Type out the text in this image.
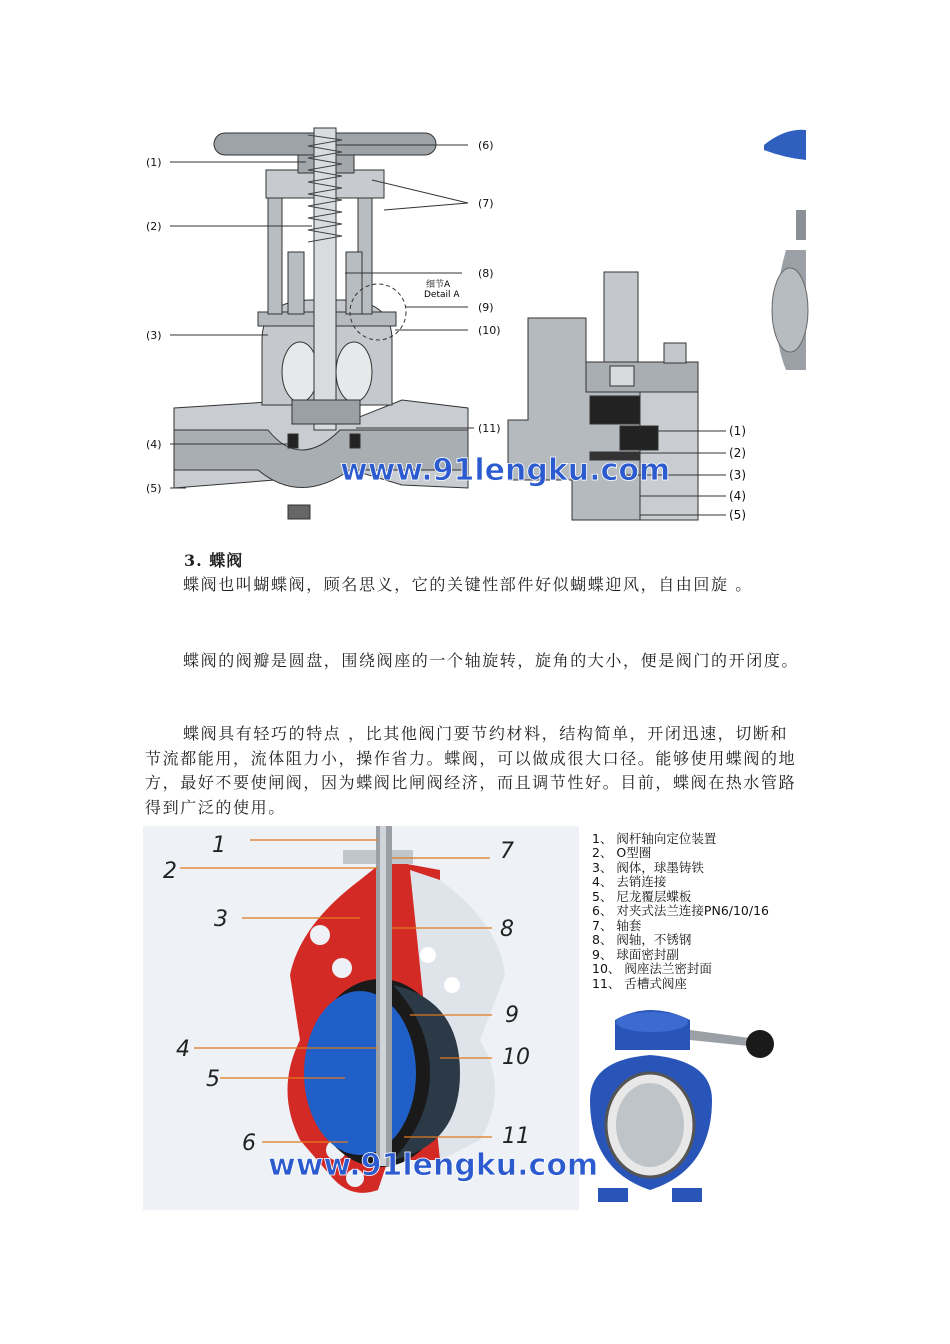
(1)
(2)
(3)
(4)
(5)
(6)
(7)
(8)
(9)
(10)
(11)
细节A
Detail A
(1)
(2)
(3)
(4)
(5)
www.91lengku.com
3. 蝶阀

蝶阀也叫蝴蝶阀，顾名思义，它的关键性部件好似蝴蝶迎风，自由回旋 。

蝶阀的阀瓣是圆盘，围绕阀座的一个轴旋转，旋角的大小，便是阀门的开闭度。

蝶阀具有轻巧的特点 ，比其他阀门要节约材料，结构简单，开闭迅速，切断和节流都能用，流体阻力小，操作省力。蝶阀，可以做成很大口径。能够使用蝶阀的地方，最好不要使闸阀，因为蝶阀比闸阀经济，而且调节性好。目前，蝶阀在热水管路得到广泛的使用。

1
2
3
4
5
6
7
8
9
10
11
1、 阀杆轴向定位装置
2、 O型圈
3、 阀体，球墨铸铁
4、 去销连接
5、 尼龙覆层蝶板
6、 对夹式法兰连接PN6/10/16
7、 轴套
8、 阀轴，不锈钢
9、 球面密封副
10、 阀座法兰密封面
11、 舌槽式阀座
www.91lengku.com
